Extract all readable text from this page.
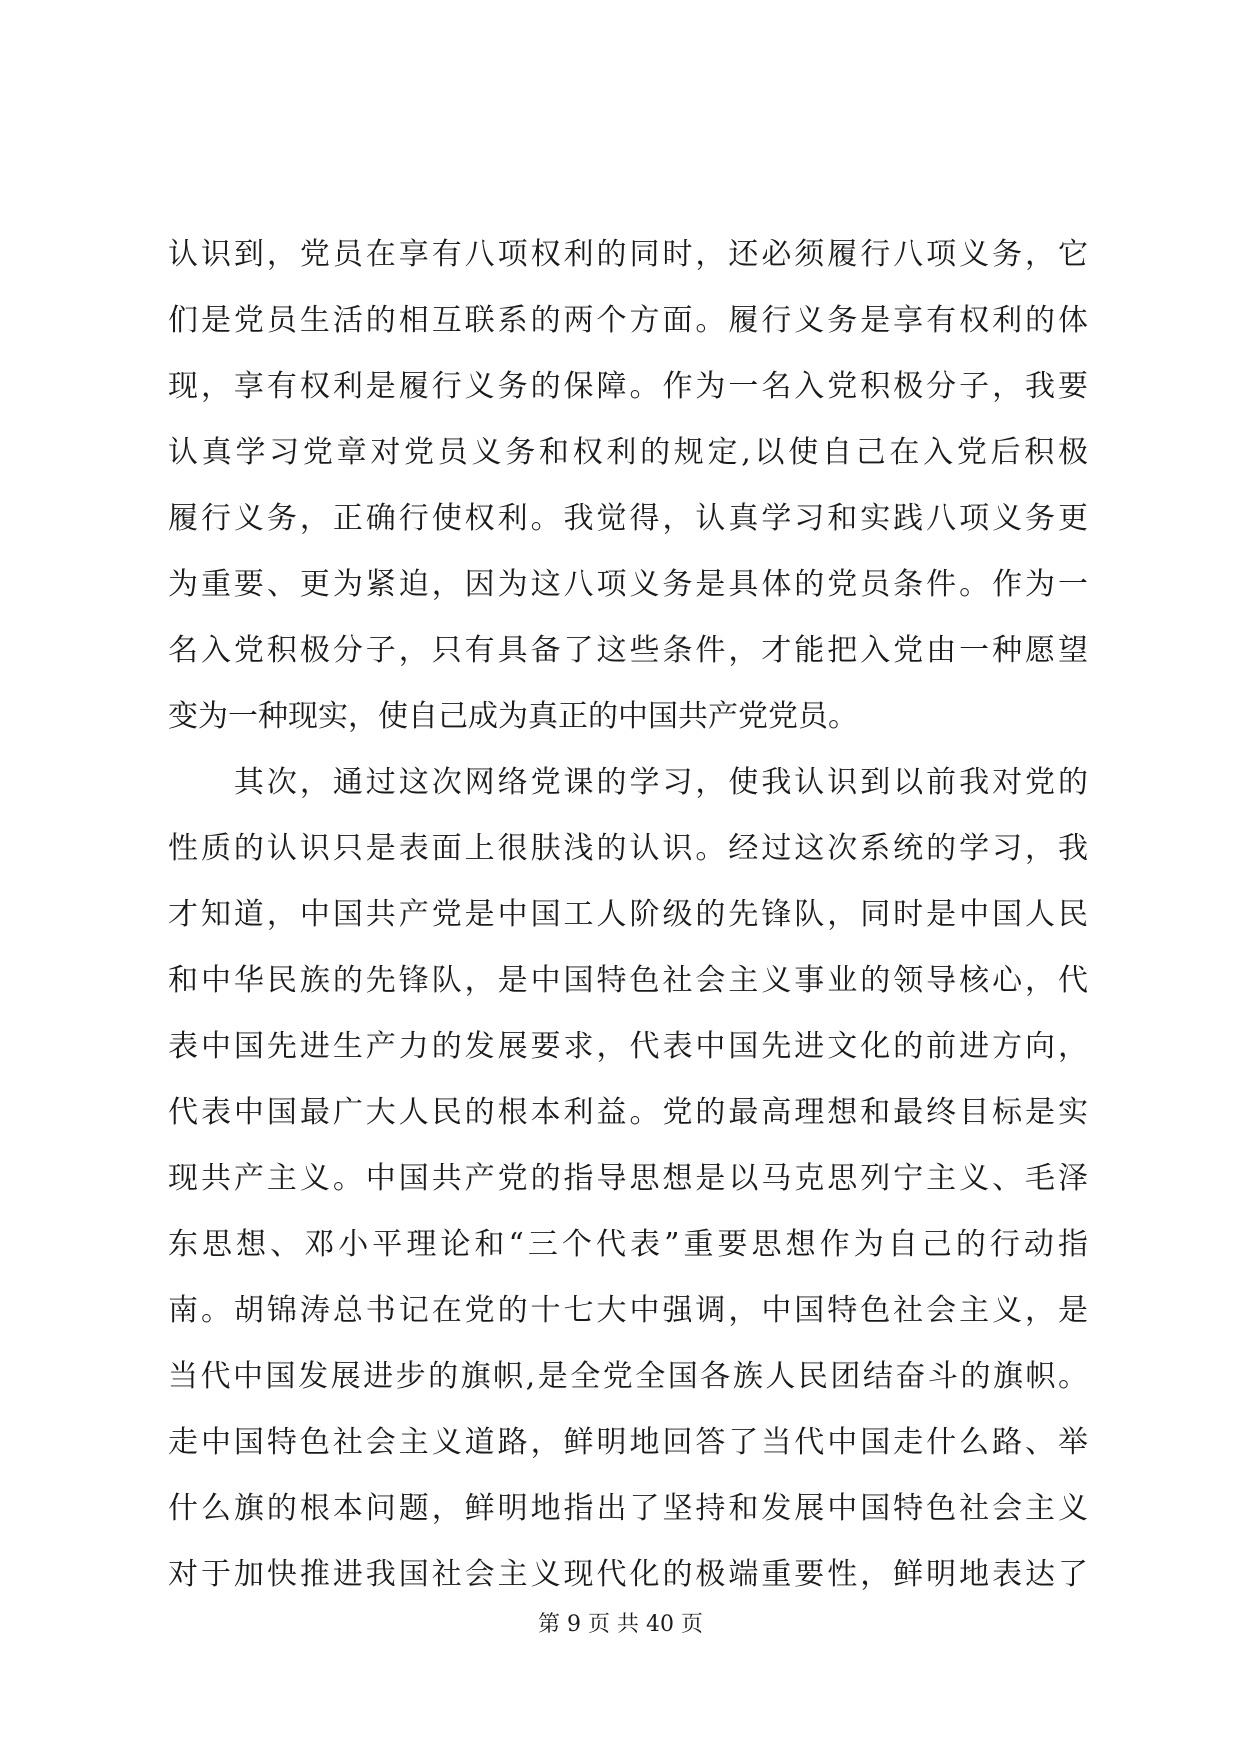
认识到，党员在享有八项权利的同时，还必须履行八项义务，它
们是党员生活的相互联系的两个方面。履行义务是享有权利的体
现，享有权利是履行义务的保障。作为一名入党积极分子，我要
认真学习党章对党员义务和权利的规定,以使自己在入党后积极
履行义务，正确行使权利。我觉得，认真学习和实践八项义务更
为重要、更为紧迫，因为这八项义务是具体的党员条件。作为一
名入党积极分子，只有具备了这些条件，才能把入党由一种愿望
变为一种现实，使自己成为真正的中国共产党党员。
　　其次，通过这次网络党课的学习，使我认识到以前我对党的
性质的认识只是表面上很肤浅的认识。经过这次系统的学习，我
才知道，中国共产党是中国工人阶级的先锋队，同时是中国人民
和中华民族的先锋队，是中国特色社会主义事业的领导核心，代
表中国先进生产力的发展要求，代表中国先进文化的前进方向，
代表中国最广大人民的根本利益。党的最高理想和最终目标是实
现共产主义。中国共产党的指导思想是以马克思列宁主义、毛泽
东思想、邓小平理论和“三个代表”重要思想作为自己的行动指
南。胡锦涛总书记在党的十七大中强调，中国特色社会主义，是
当代中国发展进步的旗帜,是全党全国各族人民团结奋斗的旗帜。
走中国特色社会主义道路，鲜明地回答了当代中国走什么路、举
什么旗的根本问题，鲜明地指出了坚持和发展中国特色社会主义
对于加快推进我国社会主义现代化的极端重要性，鲜明地表达了
第 9 页 共 40 页
